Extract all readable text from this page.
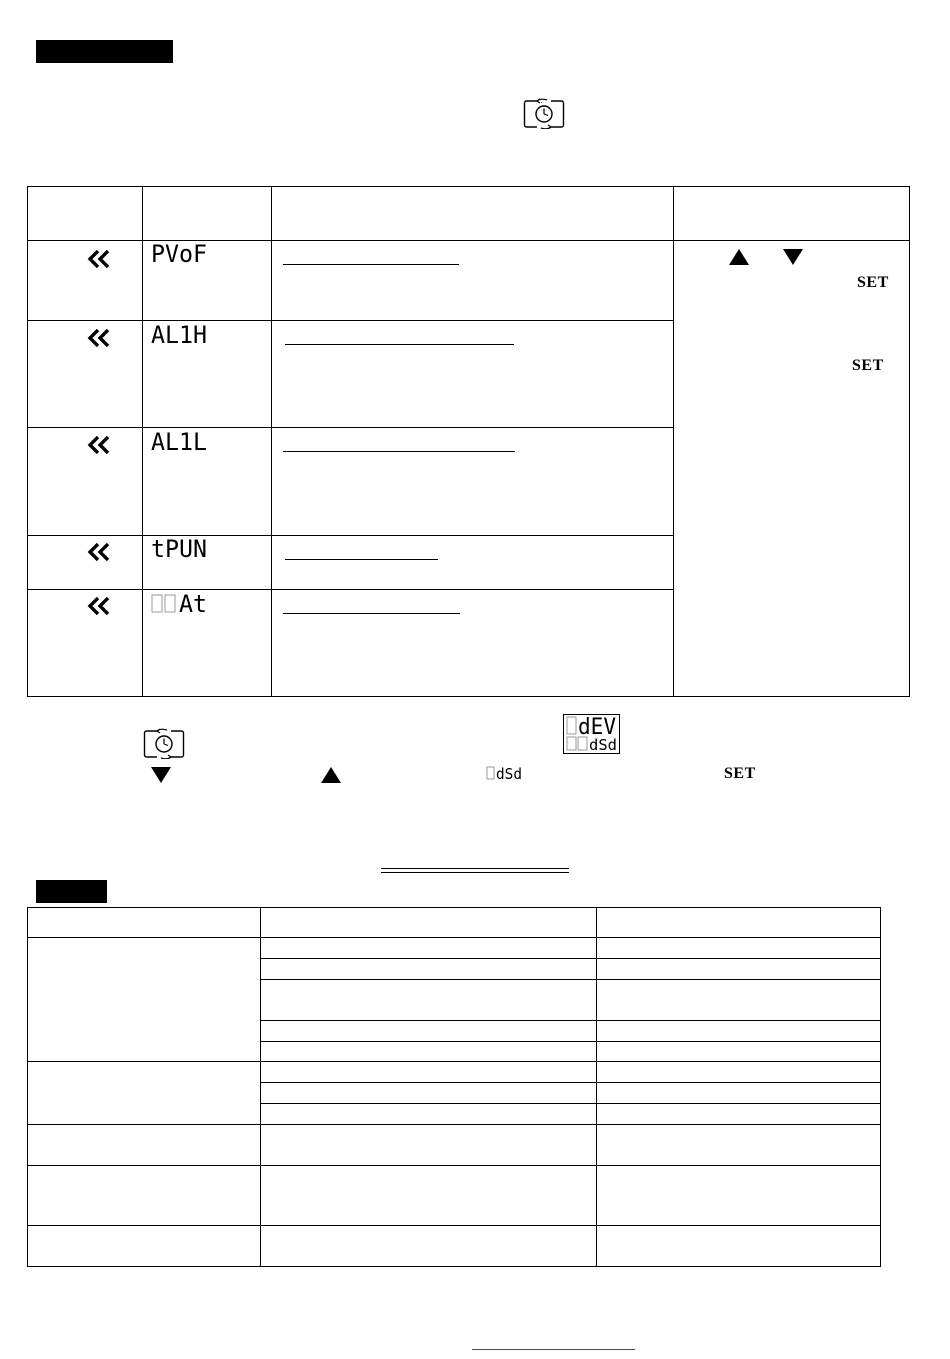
PVoF
AL1H
AL1L
tPUN
At
SET
SET
dEV
dSd
dSd	SET
